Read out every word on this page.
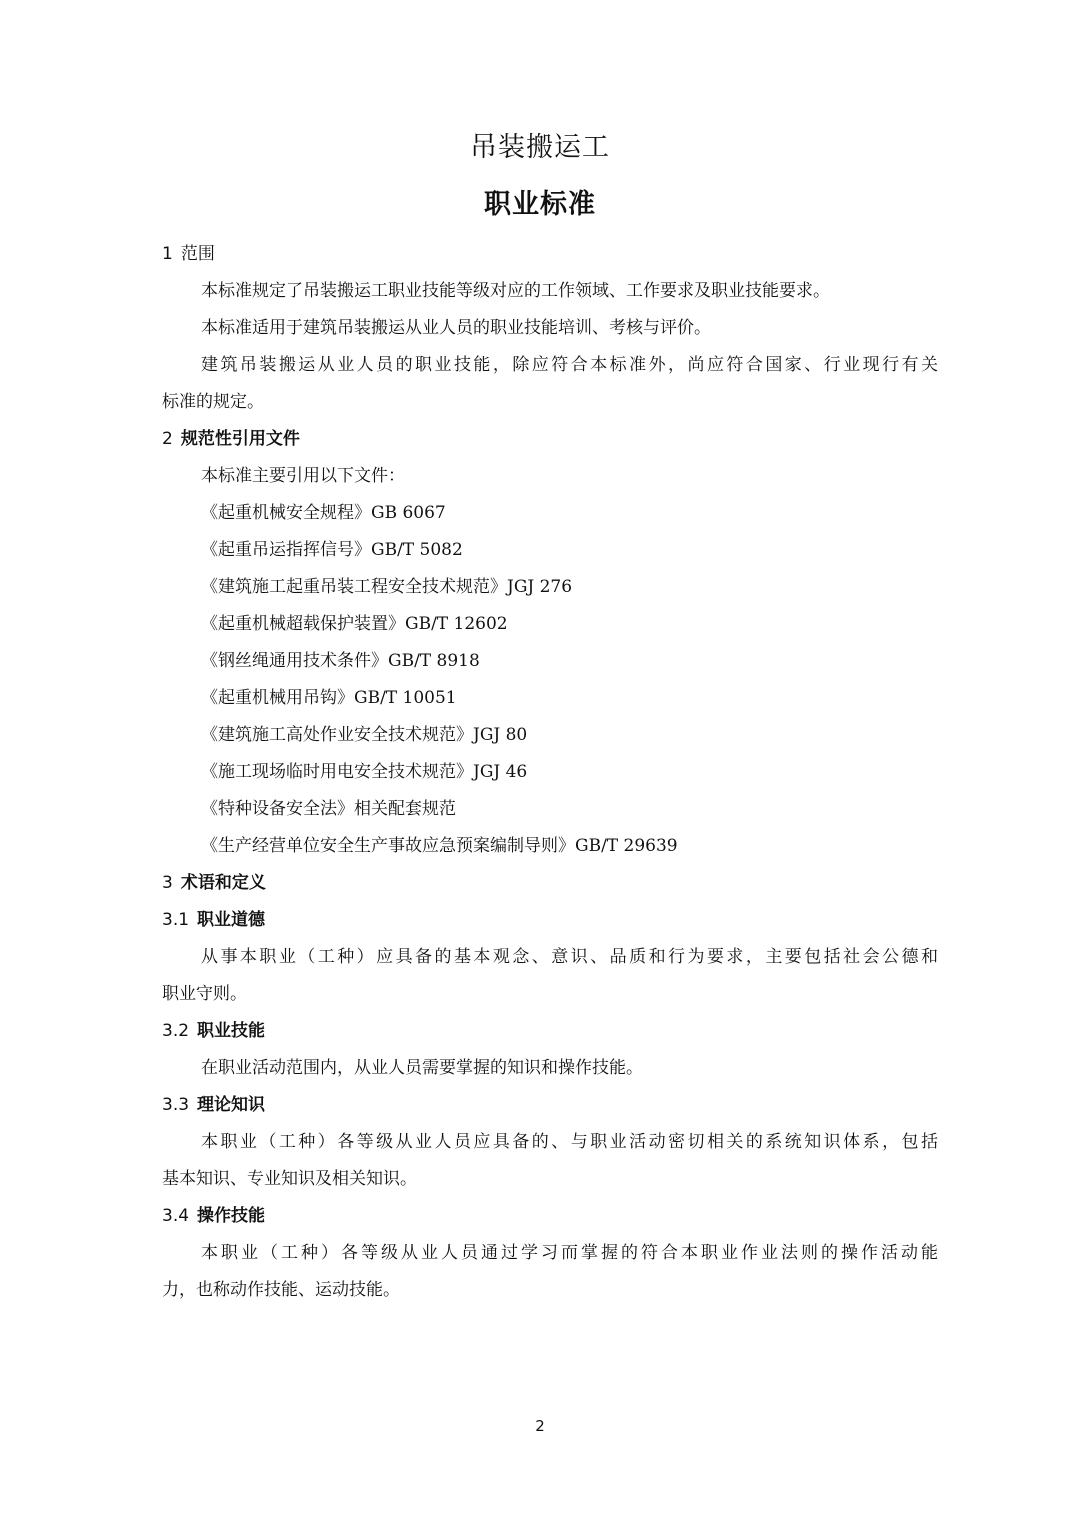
吊装搬运工
职业标准
1 范围
本标准规定了吊装搬运工职业技能等级对应的工作领域、工作要求及职业技能要求。
本标准适用于建筑吊装搬运从业人员的职业技能培训、考核与评价。
建筑吊装搬运从业人员的职业技能，除应符合本标准外，尚应符合国家、行业现行有关
标准的规定。
2 规范性引用文件
本标准主要引用以下文件：
《起重机械安全规程》GB 6067
《起重吊运指挥信号》GB/T 5082
《建筑施工起重吊装工程安全技术规范》JGJ 276
《起重机械超载保护装置》GB/T 12602
《钢丝绳通用技术条件》GB/T 8918
《起重机械用吊钩》GB/T 10051
《建筑施工高处作业安全技术规范》JGJ 80
《施工现场临时用电安全技术规范》JGJ 46
《特种设备安全法》相关配套规范
《生产经营单位安全生产事故应急预案编制导则》GB/T 29639
3 术语和定义
3.1 职业道德
从事本职业（工种）应具备的基本观念、意识、品质和行为要求，主要包括社会公德和
职业守则。
3.2 职业技能
在职业活动范围内，从业人员需要掌握的知识和操作技能。
3.3 理论知识
本职业（工种）各等级从业人员应具备的、与职业活动密切相关的系统知识体系，包括
基本知识、专业知识及相关知识。
3.4 操作技能
本职业（工种）各等级从业人员通过学习而掌握的符合本职业作业法则的操作活动能
力，也称动作技能、运动技能。
2
